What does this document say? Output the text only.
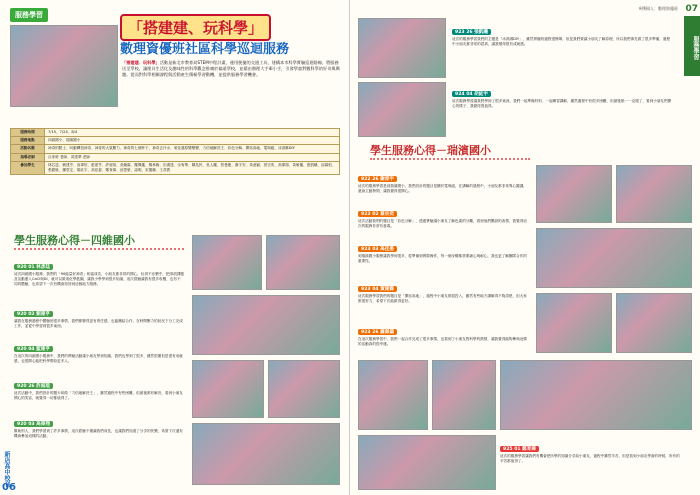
服務學習
「搭建建、玩科學」
數理資優班社區科學巡迴服務
「搭建建．玩科學」活動是新北市教育局STEM中程計畫，運用便捷的交通工具，建構本市科學實驗巡迴路線，將服務送至學校，讓理具生活化及趣味性的科學觀念推廣於偏遠學校，並藉由辦理大手牽小手，引發學童對數科學的好奇與興趣。從而對科學相關課程與活動產生積極學習動機，並提供服務學習機會。
服務時間	7/15、7/24、8/4
服務地點	四維國小、瑞濱國小
活動名稱	神奇的點土、叫動轉扭神奇、神奇的大氣壓力、神奇的七個杯子、神奇去汗水、氧化還原變變變、力信地解決王、彩色分解、開拓高地、電與磁、冰淇淋DIY
指導老師	呂家幹 老師、黃建華 老師
參加學生	林芯廷、劉建亨、高瑋伯、藍建亨、許庭瑄、吳賴霖、羅佩儀、楊承翰、田書達、余宥華、陳兆民、吳人鑲、蔡曼婕、謝宇安、黃意穎、蔡宗奕、高偉翔、黃敏儀、張凱曦、邱霖恒、張鎧航、鍾堂定、胡紘宇、高佳晏、鄭育緯、邱思豪、蕭明、宋蕙藤、王彥凱
學生服務心得－四維國小
920 01 林彥廷
這次四維國小服務，我們的「90能量好神奇」相當成功，小朋友都非常的開心，玩得不亦樂乎，把兩項課題及活動連入CaCl與DI，就可以做成化學藍圖，讓我小學學到很多知識，這次經驗讓我有很多收穫，也有不同的體驗，也希望下一次有機會再回到這個地方服務。
920 02 劉建亨
讓我在服務過程中體驗到很多事情，我們都變得更有責任感，也能團結合作，在時間壓力的狀況下分工完成工作，並從中學習到很多東西。
920 04 藍建亨
在這次的四維國小服務中，我們的實驗活動讓小朋友學到知識，我們也學到了很多，雖然很累但是很有成就感，也很開心能把科學帶給更多人。
920 26 許庭瑄
這次活動中，我們設計的題卡叫做「力信地解決王」，雖然過程中有些困難，但最後都有解決，看到小朋友開心的笑容，就覺得一切都值得了。
920 03 高偉翔
幫助別人，我們學習到了許多事情，這次經驗不僅讓我們成長，也讓我們知道了分享的快樂，希望下次還有機會參加這樣的活動。
新店高中校刊
06
※撰稿人：數理資優班 07
服務學習
923 26 張凱曦
這次的服務學習我們的主題是「冰淇淋DIY」，雖然實驗的過程很簡單，但是我們要讓小朋友了解原理，所以我們事先做了很多準備，過程中小朋友都非常的認真，讓我覺得很有成就感。
924 04 胡紘宇
這次服務學習讓我們學到了很多東西，我們一起準備材料、一起練習講解，雖然過程中有很多困難，但最後都一一克服了，看到小朋友們開心的樣子，我覺得很值得。
學生服務心得－瑞濱國小
922 26 謝淳宇
這次的服務學習是到瑞濱國小，我們設計的題目是關於電與磁，在講解的過程中，小朋友都非常專心聽講，還會主動發問，讓我覺得很開心。
923 02 蔡宗奕
這次活動我們的題目是「彩色分解」，透過實驗讓小朋友了解色素的分離，看到他們驚訝的表情，我覺得這次的服務非常有意義。
923 03 高佳晏
到瑞濱國小服務讓我學到很多，從準備到實際操作，每一個步驟都需要細心與耐心，我也更了解團隊合作的重要性。
923 04 黃建霖
這次服務學習我們的題目是「開拓高地」，過程中小朋友都很投入，雖然有些地方講解得不夠清楚，但大家都很努力，希望下次能做得更好。
923 26 羅佩儀
在這次服務學習中，我們一起合作完成了很多事情，也看到了小朋友對科學的熱情，讓我覺得能夠參與這樣的活動真的很幸運。
925 01 鄭育緯
這次的服務學習讓我們有機會把所學的知識分享給小朋友，過程中雖然辛苦，但是看到小朋友學會的時候，所有的辛苦都值得了。
